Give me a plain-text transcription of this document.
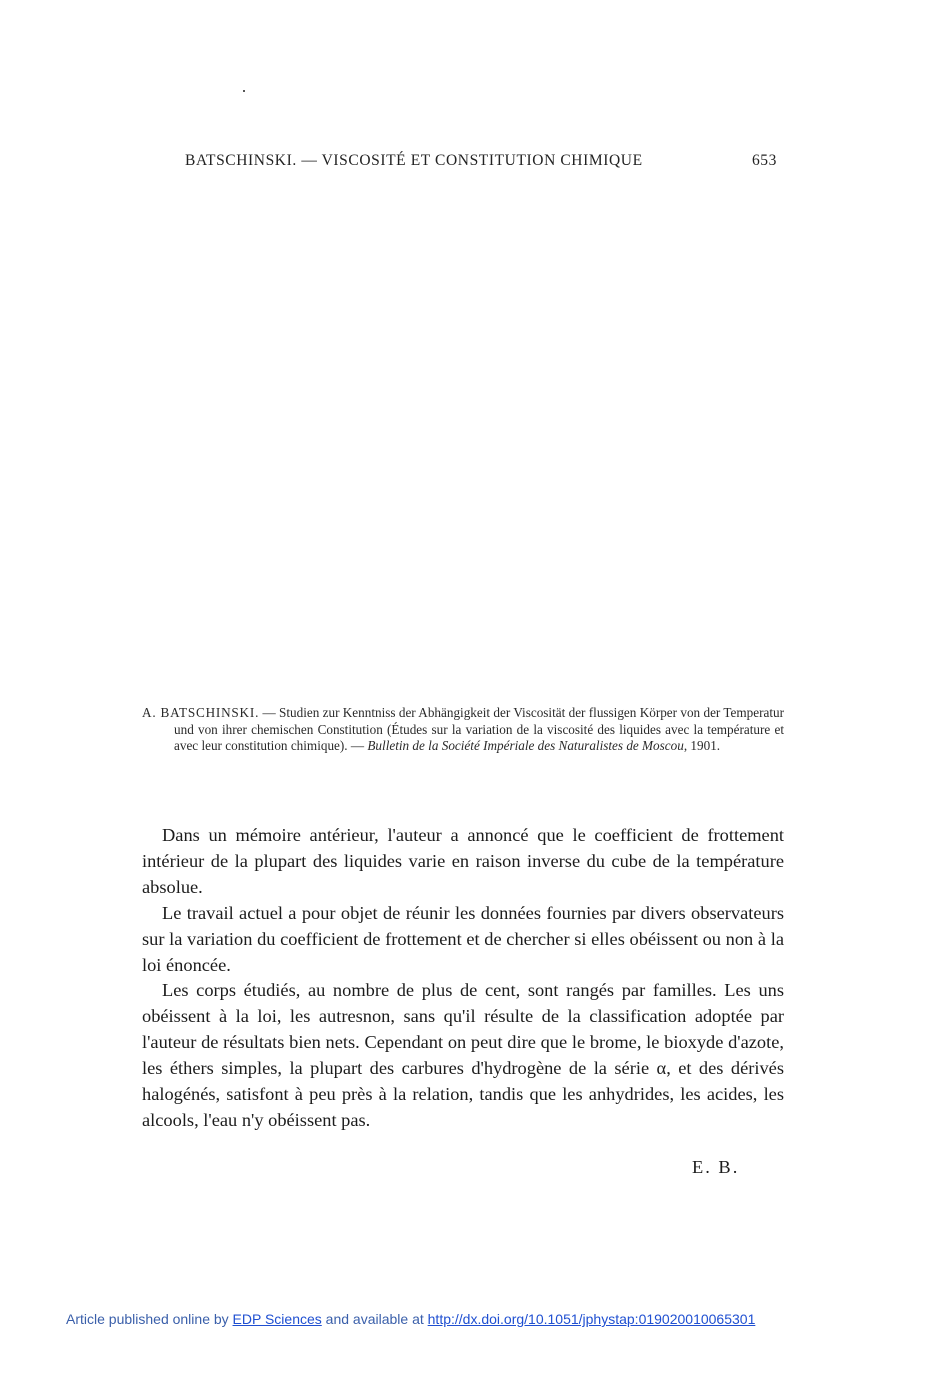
BATSCHINSKI. — VISCOSITÉ ET CONSTITUTION CHIMIQUE	653
A. BATSCHINSKI. — Studien zur Kenntniss der Abhängigkeit der Viscosität der flussigen Körper von der Temperatur und von ihrer chemischen Constitution (Études sur la variation de la viscosité des liquides avec la température et avec leur constitution chimique). — Bulletin de la Société Impériale des Naturalistes de Moscou, 1901.

Dans un mémoire antérieur, l'auteur a annoncé que le coefficient de frottement intérieur de la plupart des liquides varie en raison inverse du cube de la température absolue.

Le travail actuel a pour objet de réunir les données fournies par divers observateurs sur la variation du coefficient de frottement et de chercher si elles obéissent ou non à la loi énoncée.

Les corps étudiés, au nombre de plus de cent, sont rangés par familles. Les uns obéissent à la loi, les autresnon, sans qu'il résulte de la classification adoptée par l'auteur de résultats bien nets. Cependant on peut dire que le brome, le bioxyde d'azote, les éthers simples, la plupart des carbures d'hydrogène de la série α, et des dérivés halogénés, satisfont à peu près à la relation, tandis que les anhydrides, les acides, les alcools, l'eau n'y obéissent pas.

E. B.
Article published online by EDP Sciences and available at http://dx.doi.org/10.1051/jphystap:019020010065301
